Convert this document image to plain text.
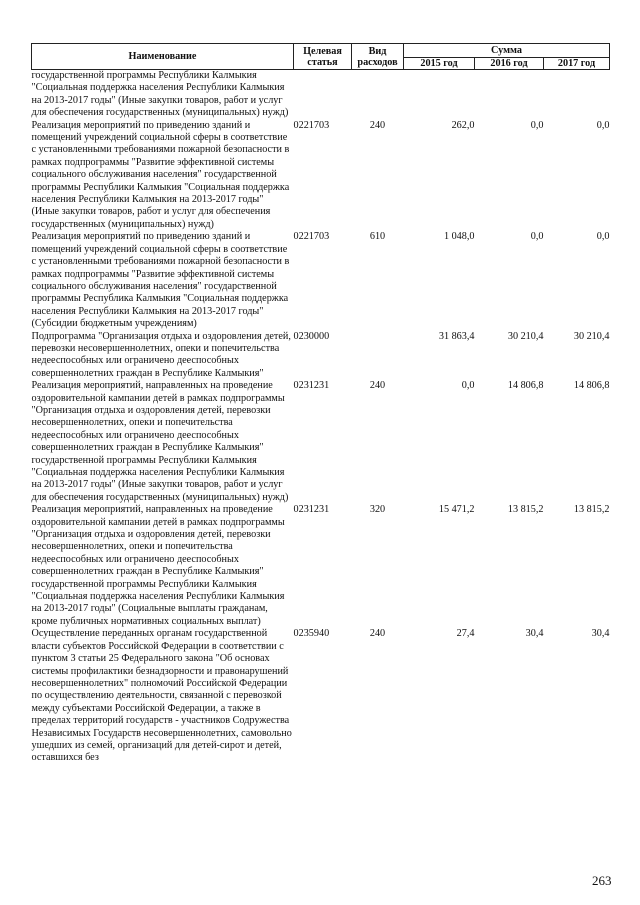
Наименование	Целевая статья	Вид расходов	Сумма		
			2015 год	2016 год	2017 год
государственной программы Республики Калмыкия "Социальная поддержка населения Республики Калмыкия на 2013-2017 годы" (Иные закупки товаров, работ и услуг для обеспечения государственных (муниципальных) нужд)					
Реализация мероприятий по приведению зданий и помещений учреждений социальной сферы в соответствие с установленными требованиями пожарной безопасности в рамках подпрограммы "Развитие эффективной системы социального обслуживания населения" государственной программы Республики Калмыкия "Социальная поддержка населения Республики Калмыкия на 2013-2017 годы" (Иные закупки товаров, работ и услуг для обеспечения государственных (муниципальных) нужд)	0221703	240	262,0	0,0	0,0
Реализация мероприятий по приведению зданий и помещений учреждений социальной сферы в соответствие с установленными требованиями пожарной безопасности в рамках подпрограммы "Развитие эффективной системы социального обслуживания населения" государственной программы Республика Калмыкия "Социальная поддержка населения Республики Калмыкия на 2013-2017 годы" (Субсидии бюджетным учреждениям)	0221703	610	1 048,0	0,0	0,0
Подпрограмма "Организация отдыха и оздоровления детей, перевозки несовершеннолетних, опеки и попечительства недееспособных или ограничено дееспособных совершеннолетних граждан в Республике Калмыкия"	0230000		31 863,4	30 210,4	30 210,4
Реализация мероприятий, направленных на проведение оздоровительной кампании детей в рамках подпрограммы "Организация отдыха и оздоровления детей, перевозки несовершеннолетних, опеки и попечительства недееспособных или ограничено дееспособных совершеннолетних граждан в Республике Калмыкия" государственной программы Республики Калмыкия "Социальная поддержка населения Республики Калмыкия на 2013-2017 годы" (Иные закупки товаров, работ и услуг для обеспечения государственных (муниципальных) нужд)	0231231	240	0,0	14 806,8	14 806,8
Реализация мероприятий, направленных на проведение оздоровительной кампании детей в рамках подпрограммы "Организация отдыха и оздоровления детей, перевозки несовершеннолетних, опеки и попечительства недееспособных или ограничено дееспособных совершеннолетних граждан в Республике Калмыкия" государственной программы Республики Калмыкия "Социальная поддержка населения Республики Калмыкия на 2013-2017 годы" (Социальные выплаты гражданам, кроме публичных нормативных социальных выплат)	0231231	320	15 471,2	13 815,2	13 815,2
Осуществление переданных органам государственной власти субъектов Российской Федерации в соответствии с пунктом 3 статьи 25 Федерального закона "Об основах системы профилактики безнадзорности и правонарушений несовершеннолетних" полномочий Российской Федерации по осуществлению деятельности, связанной с перевозкой между субъектами Российской Федерации, а также в пределах территорий государств - участников Содружества Независимых Государств несовершеннолетних, самовольно ушедших из семей, организаций для детей-сирот и детей, оставшихся без	0235940	240	27,4	30,4	30,4
263
